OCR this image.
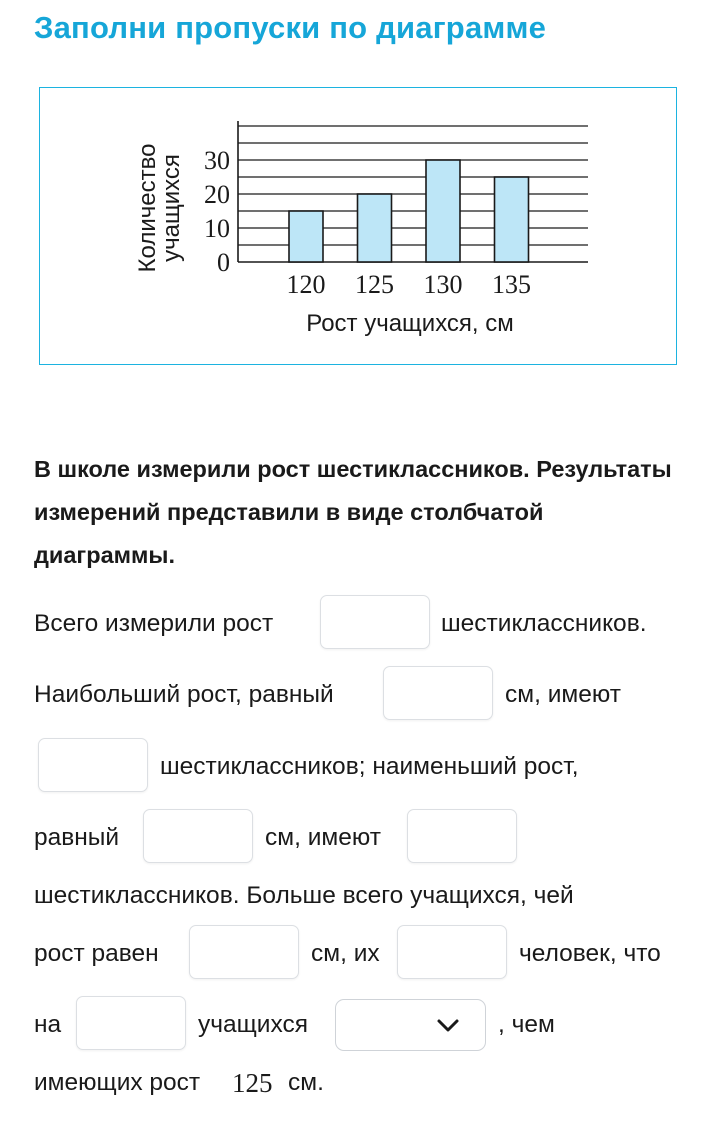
Заполни пропуски по диаграмме
120 125 130 135
0
10
20
30
Рост учащихся, см
Количество
учащихся
В школе измерили рост шестиклассников. Результаты измерений представили в виде столбчатой диаграммы.
Всего измерили рост	шестиклассников.
Наибольший рост, равный	см, имеют
шестиклассников; наименьший рост,
равный	см, имеют
шестиклассников. Больше всего учащихся, чей
рост равен	см, их	человек, что
на	учащихся	, чем
имеющих рост 125 см.
